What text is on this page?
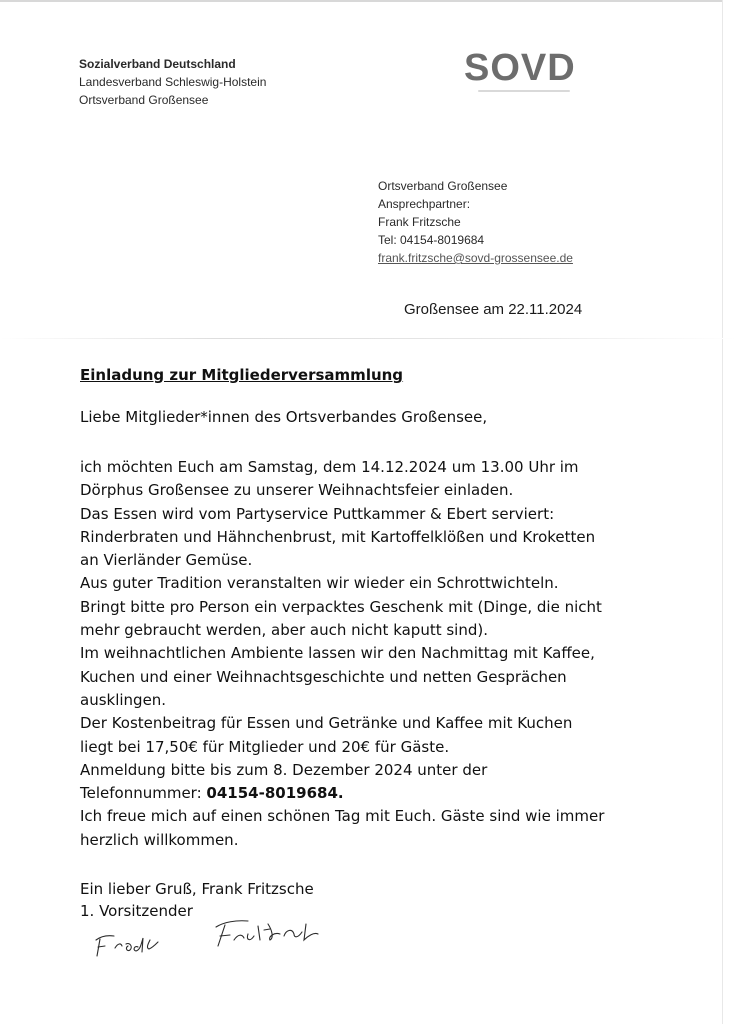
Sozialverband Deutschland
Landesverband Schleswig-Holstein
Ortsverband Großensee
SOVD
Ortsverband Großensee
Ansprechpartner:
Frank Fritzsche
Tel: 04154-8019684
frank.fritzsche@sovd-grossensee.de
Großensee am 22.11.2024
Einladung zur Mitgliederversammlung
Liebe Mitglieder*innen des Ortsverbandes Großensee,
ich möchten Euch am Samstag, dem 14.12.2024 um 13.00 Uhr im
Dörphus Großensee zu unserer Weihnachtsfeier einladen.
Das Essen wird vom Partyservice Puttkammer & Ebert serviert:
Rinderbraten und Hähnchenbrust, mit Kartoffelklößen und Kroketten
an Vierländer Gemüse.
Aus guter Tradition veranstalten wir wieder ein Schrottwichteln.
Bringt bitte pro Person ein verpacktes Geschenk mit (Dinge, die nicht
mehr gebraucht werden, aber auch nicht kaputt sind).
Im weihnachtlichen Ambiente lassen wir den Nachmittag mit Kaffee,
Kuchen und einer Weihnachtsgeschichte und netten Gesprächen
ausklingen.
Der Kostenbeitrag für Essen und Getränke und Kaffee mit Kuchen
liegt bei 17,50€ für Mitglieder und 20€ für Gäste.
Anmeldung bitte bis zum 8. Dezember 2024 unter der
Telefonnummer: 04154-8019684.
Ich freue mich auf einen schönen Tag mit Euch. Gäste sind wie immer
herzlich willkommen.
Ein lieber Gruß, Frank Fritzsche
1. Vorsitzender
